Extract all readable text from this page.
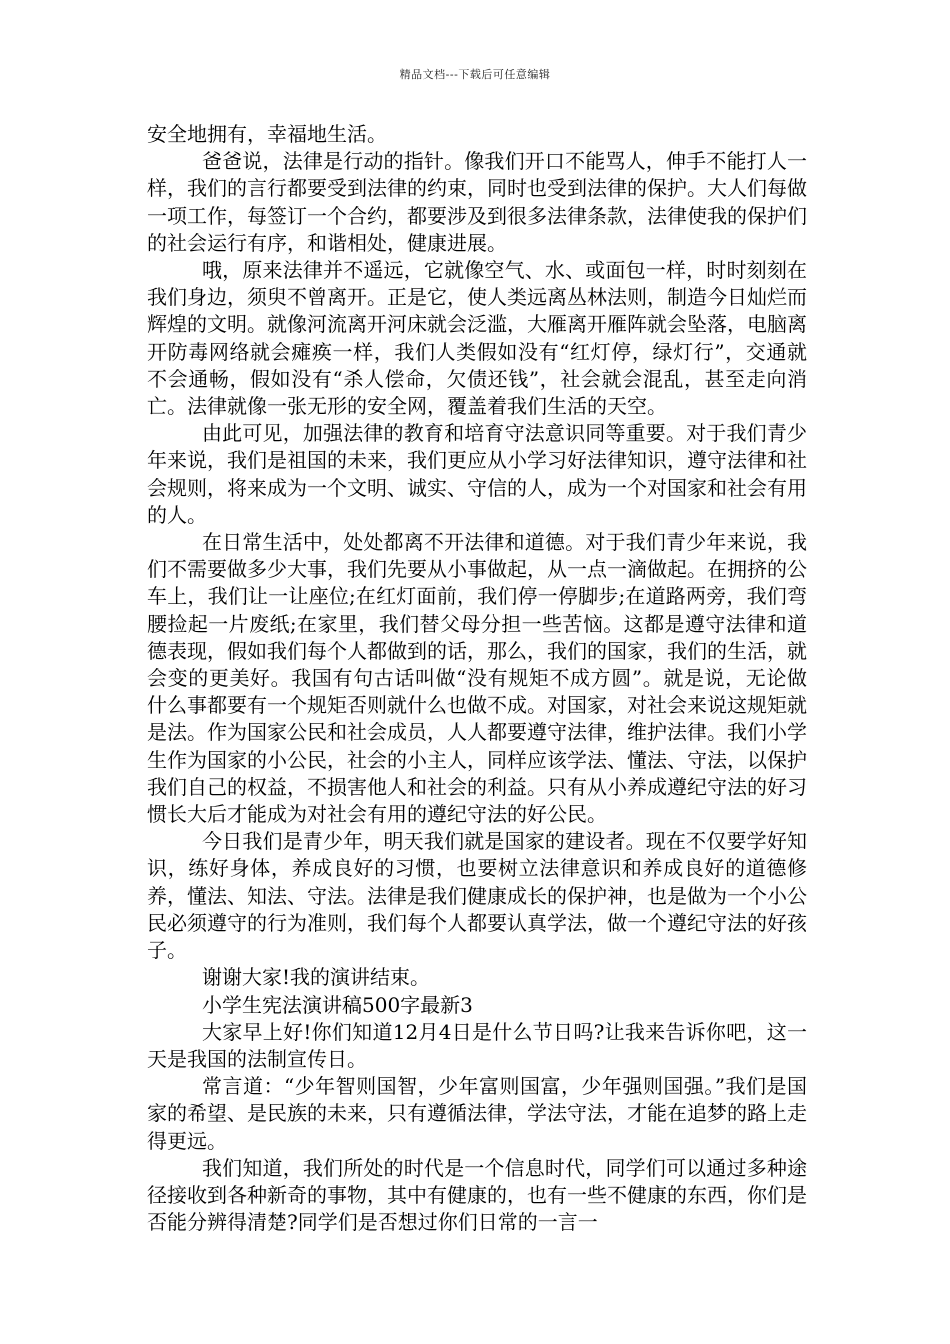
精品文档---下载后可任意编辑

安全地拥有，幸福地生活。

爸爸说，法律是行动的指针。像我们开口不能骂人，伸手不能打人一样，我们的言行都要受到法律的约束，同时也受到法律的保护。大人们每做一项工作，每签订一个合约，都要涉及到很多法律条款，法律使我的保护们的社会运行有序，和谐相处，健康进展。

哦，原来法律并不遥远，它就像空气、水、或面包一样，时时刻刻在我们身边，须臾不曾离开。正是它，使人类远离丛林法则，制造今日灿烂而辉煌的文明。就像河流离开河床就会泛滥，大雁离开雁阵就会坠落，电脑离开防毒网络就会瘫痪一样，我们人类假如没有“红灯停，绿灯行”，交通就不会通畅，假如没有“杀人偿命，欠债还钱”，社会就会混乱，甚至走向消亡。法律就像一张无形的安全网，覆盖着我们生活的天空。

由此可见，加强法律的教育和培育守法意识同等重要。对于我们青少年来说，我们是祖国的未来，我们更应从小学习好法律知识，遵守法律和社会规则，将来成为一个文明、诚实、守信的人，成为一个对国家和社会有用的人。

在日常生活中，处处都离不开法律和道德。对于我们青少年来说，我们不需要做多少大事，我们先要从小事做起，从一点一滴做起。在拥挤的公车上，我们让一让座位;在红灯面前，我们停一停脚步;在道路两旁，我们弯腰捡起一片废纸;在家里，我们替父母分担一些苦恼。这都是遵守法律和道德表现，假如我们每个人都做到的话，那么，我们的国家，我们的生活，就会变的更美好。我国有句古话叫做“没有规矩不成方圆”。就是说，无论做什么事都要有一个规矩否则就什么也做不成。对国家，对社会来说这规矩就是法。作为国家公民和社会成员，人人都要遵守法律，维护法律。我们小学生作为国家的小公民，社会的小主人，同样应该学法、懂法、守法，以保护我们自己的权益，不损害他人和社会的利益。只有从小养成遵纪守法的好习惯长大后才能成为对社会有用的遵纪守法的好公民。

今日我们是青少年，明天我们就是国家的建设者。现在不仅要学好知识，练好身体，养成良好的习惯，也要树立法律意识和养成良好的道德修养，懂法、知法、守法。法律是我们健康成长的保护神，也是做为一个小公民必须遵守的行为准则，我们每个人都要认真学法，做一个遵纪守法的好孩子。

谢谢大家!我的演讲结束。

小学生宪法演讲稿500字最新3

大家早上好!你们知道12月4日是什么节日吗?让我来告诉你吧，这一天是我国的法制宣传日。

常言道：“少年智则国智，少年富则国富，少年强则国强。”我们是国家的希望、是民族的未来，只有遵循法律，学法守法，才能在追梦的路上走得更远。

我们知道，我们所处的时代是一个信息时代，同学们可以通过多种途径接收到各种新奇的事物，其中有健康的，也有一些不健康的东西，你们是否能分辨得清楚?同学们是否想过你们日常的一言一
